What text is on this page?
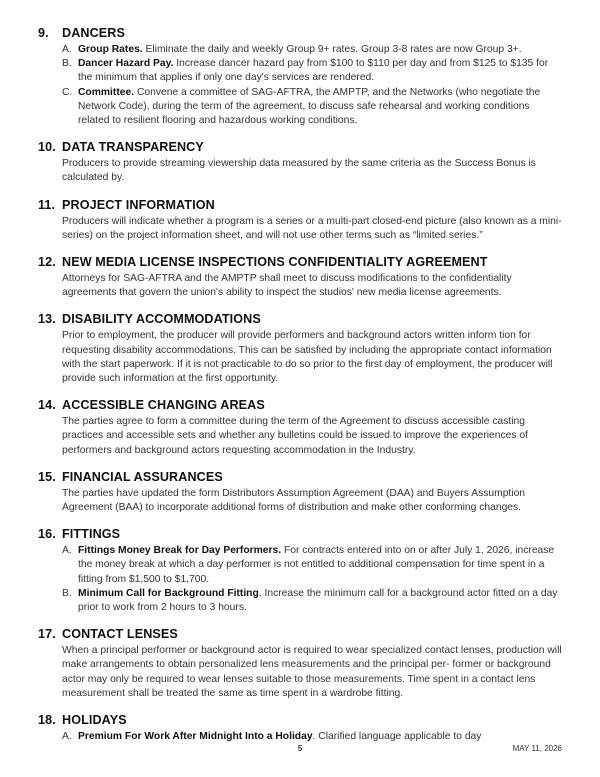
9.	DANCERS
A. Group Rates. Eliminate the daily and weekly Group 9+ rates. Group 3-8 rates are now Group 3+.
B. Dancer Hazard Pay. Increase dancer hazard pay from $100 to $110 per day and from $125 to $135 for the minimum that applies if only one day's services are rendered.
C. Committee. Convene a committee of SAG-AFTRA, the AMPTP, and the Networks (who negotiate the Network Code), during the term of the agreement, to discuss safe rehearsal and working conditions related to resilient flooring and hazardous working conditions.
10. DATA TRANSPARENCY
Producers to provide streaming viewership data measured by the same criteria as the Success Bonus is calculated by.
11. PROJECT INFORMATION
Producers will indicate whether a program is a series or a multi-part closed-end picture (also known as a mini-series) on the project information sheet, and will not use other terms such as “limited series.”
12. NEW MEDIA LICENSE INSPECTIONS CONFIDENTIALITY AGREEMENT
Attorneys for SAG-AFTRA and the AMPTP shall meet to discuss modifications to the confidentiality agreements that govern the union's ability to inspect the studios' new media license agreements.
13. DISABILITY ACCOMMODATIONS
Prior to employment, the producer will provide performers and background actors written inform tion for requesting disability accommodations. This can be satisfied by including the appropriate contact information with the start paperwork. If it is not practicable to do so prior to the first day of employment, the producer will provide such information at the first opportunity.
14. ACCESSIBLE CHANGING AREAS
The parties agree to form a committee during the term of the Agreement to discuss accessible casting practices and accessible sets and whether any bulletins could be issued to improve the experiences of performers and background actors requesting accommodation in the Industry.
15. FINANCIAL ASSURANCES
The parties have updated the form Distributors Assumption Agreement (DAA) and Buyers Assumption Agreement (BAA) to incorporate additional forms of distribution and make other conforming changes.
16. FITTINGS
A. Fittings Money Break for Day Performers. For contracts entered into on or after July 1, 2026, increase the money break at which a day performer is not entitled to additional compensation for time spent in a fitting from $1,500 to $1,700.
B. Minimum Call for Background Fitting. Increase the minimum call for a background actor fitted on a day prior to work from 2 hours to 3 hours.
17. CONTACT LENSES
When a principal performer or background actor is required to wear specialized contact lenses, production will make arrangements to obtain personalized lens measurements and the principal per- former or background actor may only be required to wear lenses suitable to those measurements. Time spent in a contact lens measurement shall be treated the same as time spent in a wardrobe fitting.
18. HOLIDAYS
A. Premium For Work After Midnight Into a Holiday. Clarified language applicable to day
5	MAY 11, 2026
